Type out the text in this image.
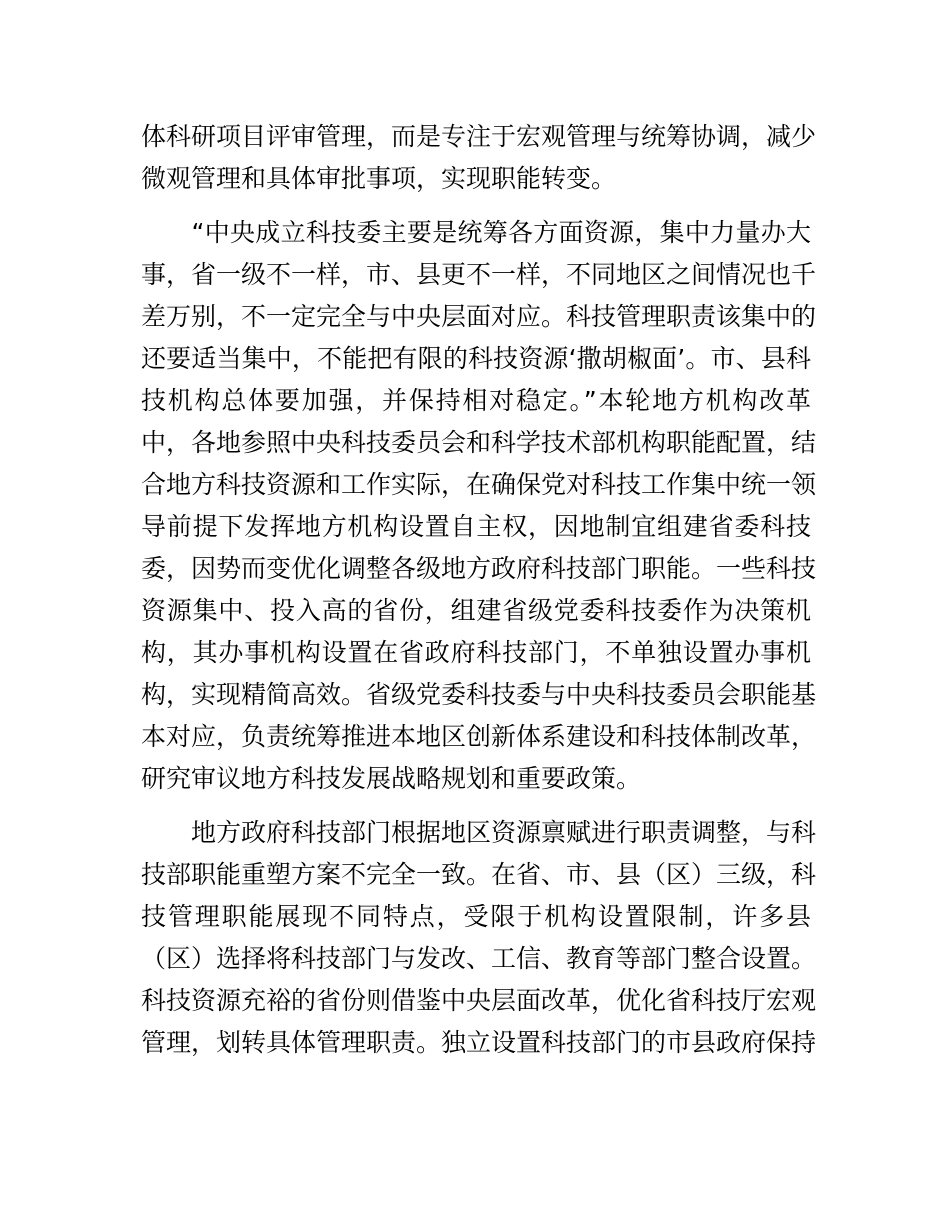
体科研项目评审管理，而是专注于宏观管理与统筹协调，减少
微观管理和具体审批事项，实现职能转变。
　　“中央成立科技委主要是统筹各方面资源，集中力量办大
事，省一级不一样，市、县更不一样，不同地区之间情况也千
差万别，不一定完全与中央层面对应。科技管理职责该集中的
还要适当集中，不能把有限的科技资源‘撒胡椒面’。市、县科
技机构总体要加强，并保持相对稳定。”本轮地方机构改革
中，各地参照中央科技委员会和科学技术部机构职能配置，结
合地方科技资源和工作实际，在确保党对科技工作集中统一领
导前提下发挥地方机构设置自主权，因地制宜组建省委科技
委，因势而变优化调整各级地方政府科技部门职能。一些科技
资源集中、投入高的省份，组建省级党委科技委作为决策机
构，其办事机构设置在省政府科技部门，不单独设置办事机
构，实现精简高效。省级党委科技委与中央科技委员会职能基
本对应，负责统筹推进本地区创新体系建设和科技体制改革，
研究审议地方科技发展战略规划和重要政策。
　　地方政府科技部门根据地区资源禀赋进行职责调整，与科
技部职能重塑方案不完全一致。在省、市、县（区）三级，科
技管理职能展现不同特点，受限于机构设置限制，许多县
（区）选择将科技部门与发改、工信、教育等部门整合设置。
科技资源充裕的省份则借鉴中央层面改革，优化省科技厅宏观
管理，划转具体管理职责。独立设置科技部门的市县政府保持
